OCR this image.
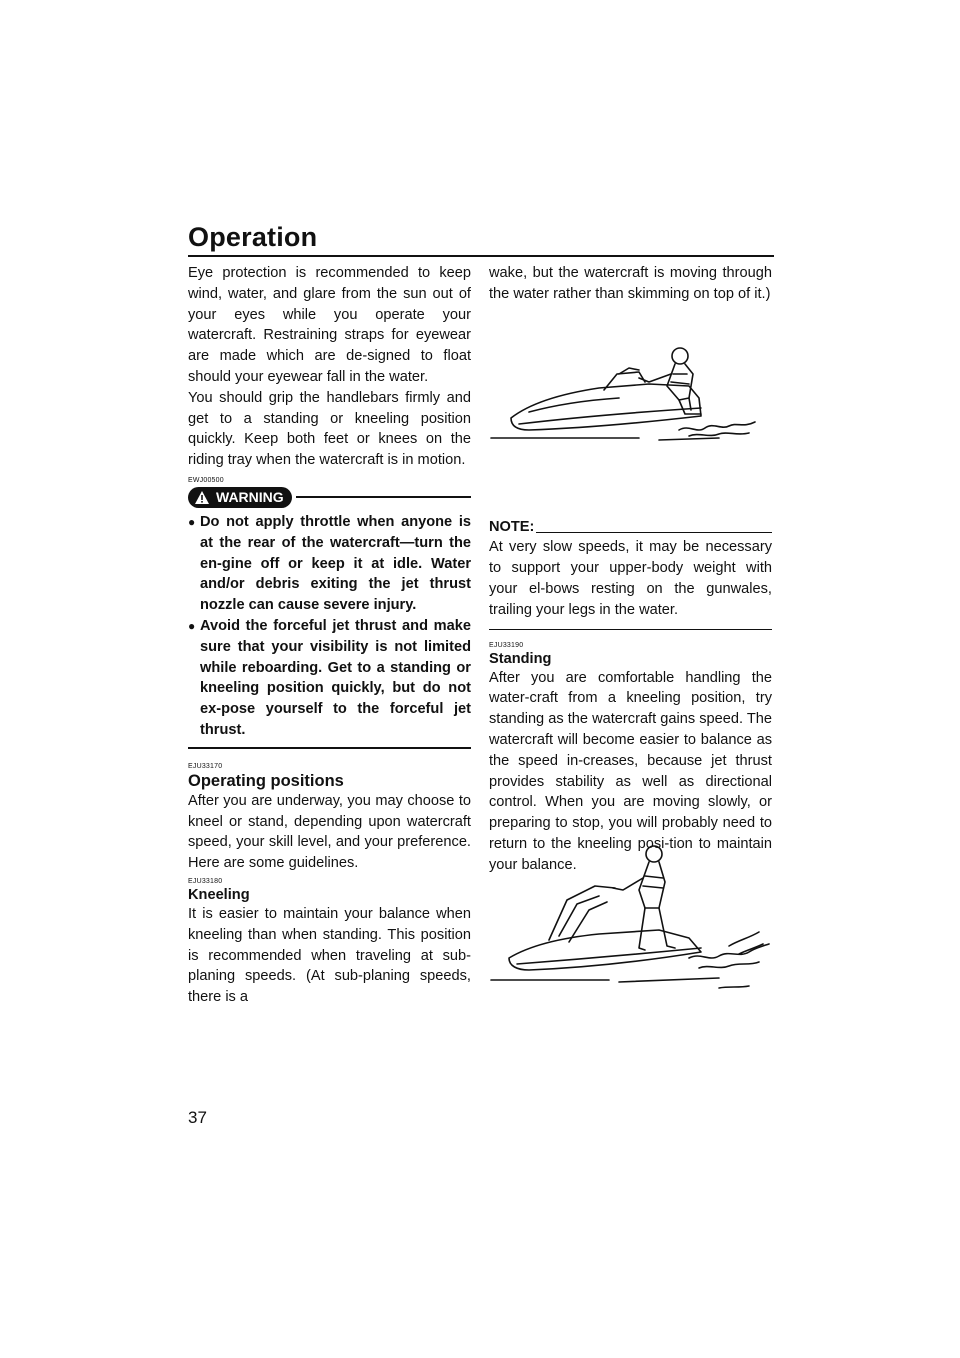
Operation

Eye protection is recommended to keep wind, water, and glare from the sun out of your eyes while you operate your watercraft. Restraining straps for eyewear are made which are de-signed to float should your eyewear fall in the water.

You should grip the handlebars firmly and get to a standing or kneeling position quickly. Keep both feet or knees on the riding tray when the watercraft is in motion.

EWJ00500

WARNING
● Do not apply throttle when anyone is at the rear of the watercraft—turn the en-gine off or keep it at idle. Water and/or debris exiting the jet thrust nozzle can cause severe injury.
● Avoid the forceful jet thrust and make sure that your visibility is not limited while reboarding. Get to a standing or kneeling position quickly, but do not ex-pose yourself to the forceful jet thrust.

EJU33170

Operating positions

After you are underway, you may choose to kneel or stand, depending upon watercraft speed, your skill level, and your preference. Here are some guidelines.

EJU33180

Kneeling

It is easier to maintain your balance when kneeling than when standing. This position is recommended when traveling at sub-planing speeds. (At sub-planing speeds, there is a

wake, but the watercraft is moving through the water rather than skimming on top of it.)

NOTE:

At very slow speeds, it may be necessary to support your upper-body weight with your el-bows resting on the gunwales, trailing your legs in the water.

EJU33190

Standing

After you are comfortable handling the water-craft from a kneeling position, try standing as the watercraft gains speed. The watercraft will become easier to balance as the speed in-creases, because jet thrust provides stability as well as directional control. When you are moving slowly, or preparing to stop, you will probably need to return to the kneeling posi-tion to maintain your balance.

37
